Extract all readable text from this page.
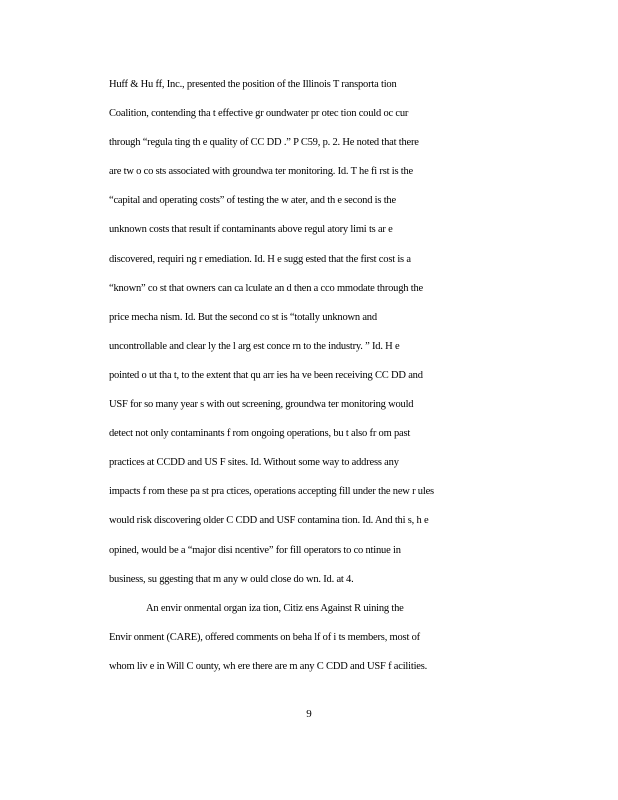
Huff & Hu ff, Inc., presented the position of the Illinois T ransporta tion
Coalition, contending tha t effective gr oundwater pr otec tion could oc cur
through “regula ting th e quality of CC DD .” P C59, p. 2. He noted that there
are tw o co sts associated with groundwa ter monitoring. Id. T he fi rst is the
“capital and operating costs” of testing the w ater, and th e second is the
unknown costs that result if contaminants above regul atory limi ts ar e
discovered, requiri ng r emediation. Id. H e sugg ested that the first cost is a
“known” co st that owners can ca lculate an d then a cco mmodate through the
price mecha nism. Id. But the second co st is “totally unknown and
uncontrollable and clear ly the l arg est conce rn to the industry. ” Id. H e
pointed o ut tha t, to the extent that qu arr ies ha ve been receiving CC DD and
USF for so many year s with out screening, groundwa ter monitoring would
detect not only contaminants f rom ongoing operations, bu t also fr om past
practices at CCDD and US F sites. Id. Without some way to address any
impacts f rom these pa st pra ctices, operations accepting fill under the new r ules
would risk discovering older C CDD and USF contamina tion. Id. And thi s, h e
opined, would be a “major disi ncentive” for fill operators to co ntinue in
business, su ggesting that m any w ould close do wn. Id. at 4.
An envir onmental organ iza tion, Citiz ens Against R uining the
Envir onment (CARE), offered comments on beha lf of i ts members, most of
whom liv e in Will C ounty, wh ere there are m any C CDD and USF f acilities.
9
